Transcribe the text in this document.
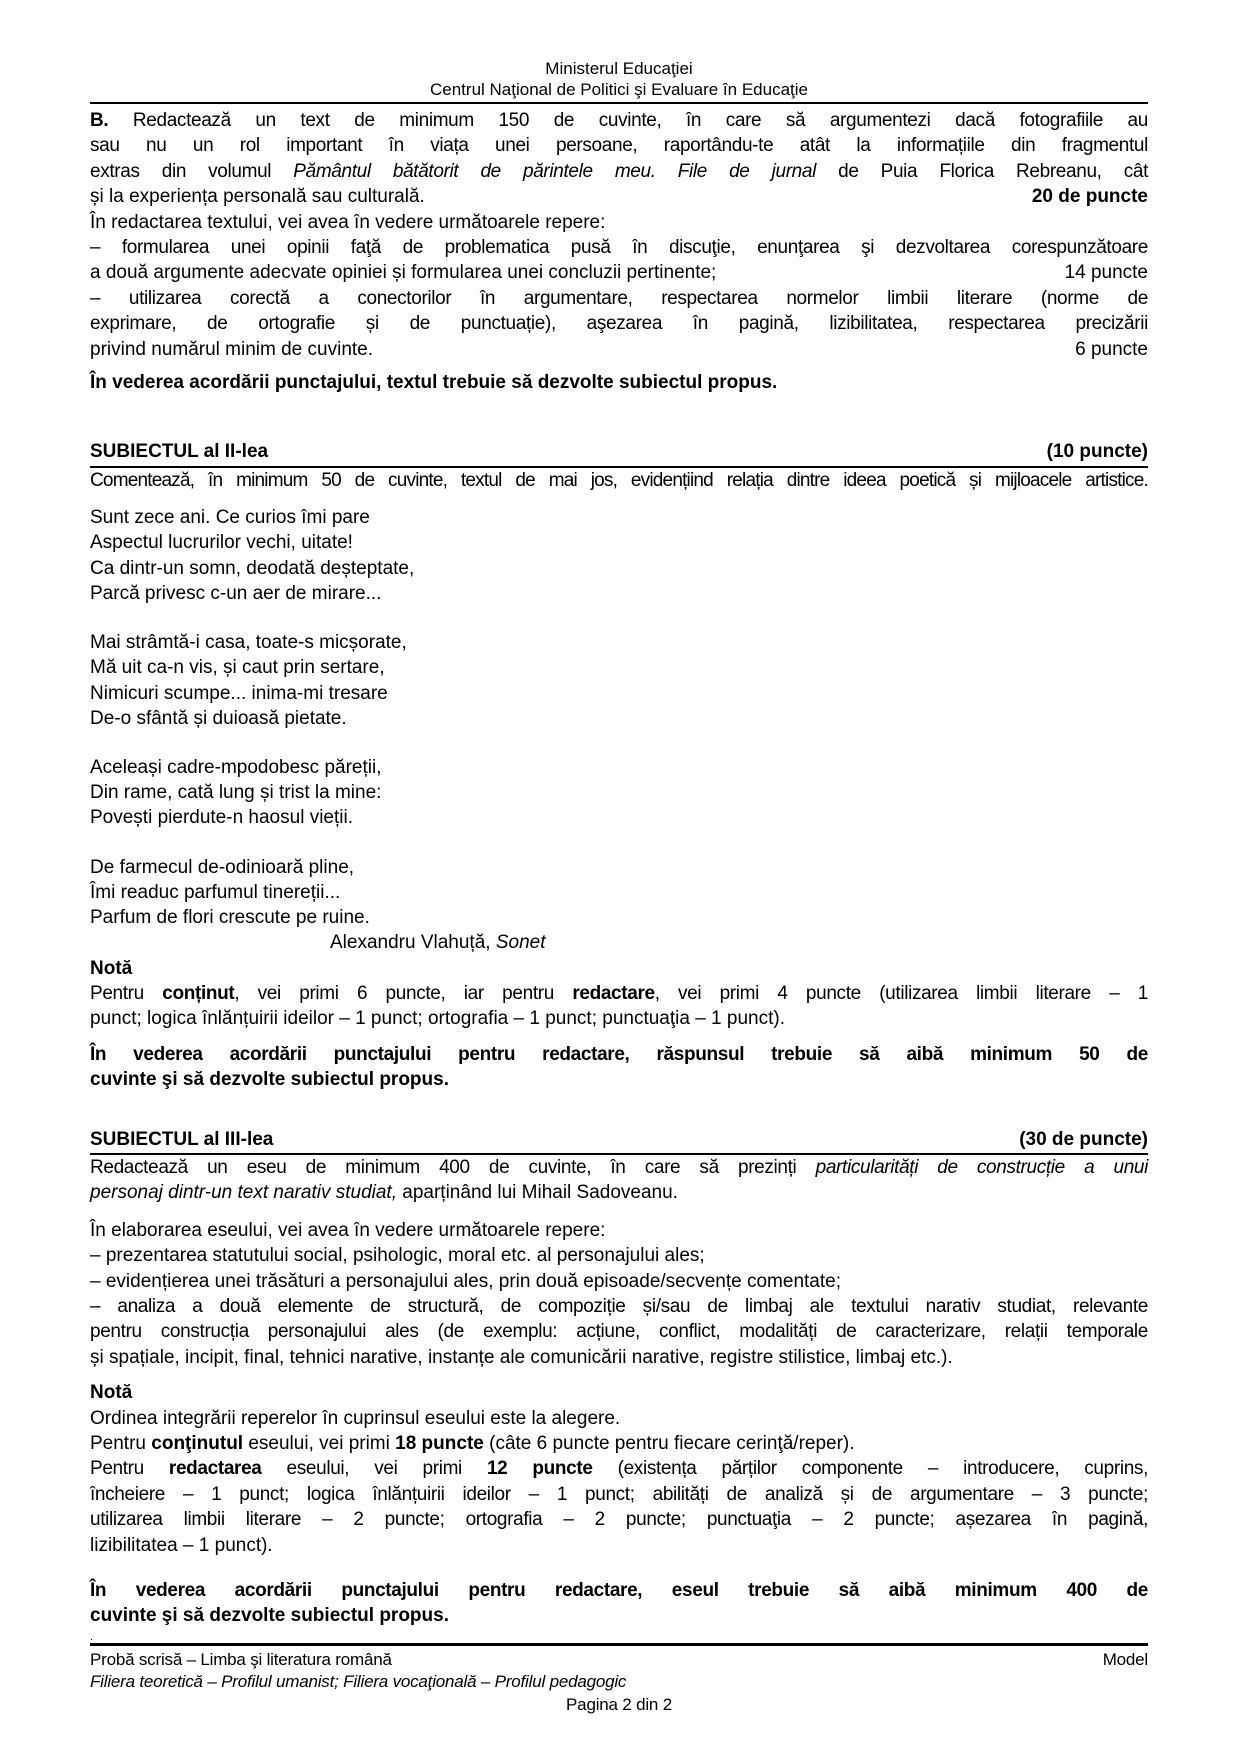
Ministerul Educaţiei
Centrul Naţional de Politici şi Evaluare în Educaţie
B. Redactează un text de minimum 150 de cuvinte, în care să argumentezi dacă fotografiile au
sau nu un rol important în viața unei persoane, raportându-te atât la informațiile din fragmentul
extras din volumul Pământul bătătorit de părintele meu. File de jurnal de Puia Florica Rebreanu, cât
și la experiența personală sau culturală.	20 de puncte
În redactarea textului, vei avea în vedere următoarele repere:
– formularea unei opinii faţă de problematica pusă în discuţie, enunţarea şi dezvoltarea corespunzătoare
a două argumente adecvate opiniei și formularea unei concluzii pertinente;	14 puncte
– utilizarea corectă a conectorilor în argumentare, respectarea normelor limbii literare (norme de
exprimare, de ortografie și de punctuație), aşezarea în pagină, lizibilitatea, respectarea precizării
privind numărul minim de cuvinte.	6 puncte
În vederea acordării punctajului, textul trebuie să dezvolte subiectul propus.
SUBIECTUL al II-lea	(10 puncte)
Comentează, în minimum 50 de cuvinte, textul de mai jos, evidențiind relația dintre ideea poetică și mijloacele artistice.
Sunt zece ani. Ce curios îmi pare
Aspectul lucrurilor vechi, uitate!
Ca dintr-un somn, deodată deșteptate,
Parcă privesc c-un aer de mirare...
Mai strâmtă-i casa, toate-s micșorate,
Mă uit ca-n vis, și caut prin sertare,
Nimicuri scumpe... inima-mi tresare
De-o sfântă și duioasă pietate.
Aceleași cadre-mpodobesc păreții,
Din rame, cată lung și trist la mine:
Povești pierdute-n haosul vieții.
De farmecul de-odinioară pline,
Îmi readuc parfumul tinereții...
Parfum de flori crescute pe ruine.
Alexandru Vlahuță, Sonet
Notă
Pentru conținut, vei primi 6 puncte, iar pentru redactare, vei primi 4 puncte (utilizarea limbii literare – 1
punct; logica înlănțuirii ideilor – 1 punct; ortografia – 1 punct; punctuaţia – 1 punct).
În vederea acordării punctajului pentru redactare, răspunsul trebuie să aibă minimum 50 de
cuvinte şi să dezvolte subiectul propus.
SUBIECTUL al III-lea	(30 de puncte)
Redactează un eseu de minimum 400 de cuvinte, în care să prezinți particularități de construcție a unui
personaj dintr-un text narativ studiat, aparținând lui Mihail Sadoveanu.
În elaborarea eseului, vei avea în vedere următoarele repere:
– prezentarea statutului social, psihologic, moral etc. al personajului ales;
– evidențierea unei trăsături a personajului ales, prin două episoade/secvențe comentate;
– analiza a două elemente de structură, de compoziție și/sau de limbaj ale textului narativ studiat, relevante
pentru construcția personajului ales (de exemplu: acțiune, conflict, modalități de caracterizare, relații temporale
și spațiale, incipit, final, tehnici narative, instanțe ale comunicării narative, registre stilistice, limbaj etc.).
Notă
Ordinea integrării reperelor în cuprinsul eseului este la alegere.
Pentru conţinutul eseului, vei primi 18 puncte (câte 6 puncte pentru fiecare cerinţă/reper).
Pentru redactarea eseului, vei primi 12 puncte (existența părților componente – introducere, cuprins,
încheiere – 1 punct; logica înlănțuirii ideilor – 1 punct; abilități de analiză și de argumentare – 3 puncte;
utilizarea limbii literare – 2 puncte; ortografia – 2 puncte; punctuaţia – 2 puncte; așezarea în pagină,
lizibilitatea – 1 punct).
În vederea acordării punctajului pentru redactare, eseul trebuie să aibă minimum 400 de
cuvinte şi să dezvolte subiectul propus.
.
Probă scrisă – Limba şi literatura română	Model
Filiera teoretică – Profilul umanist; Filiera vocaţională – Profilul pedagogic
Pagina 2 din 2
